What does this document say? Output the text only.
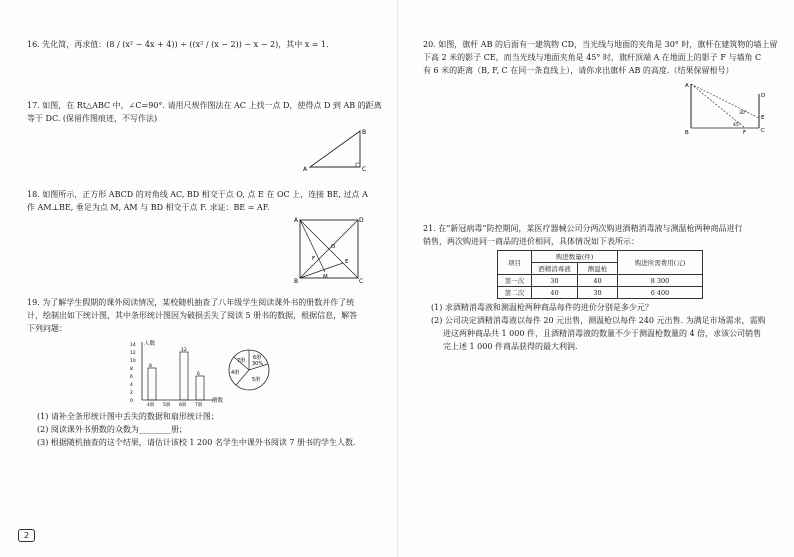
16. 先化简，再求值：(8 / (x² − 4x + 4)) ÷ ((x² / (x − 2)) − x − 2)，其中 x = 1.

17. 如图，在 Rt△ABC 中，∠C=90°. 请用尺规作图法在 AC 上找一点 D，使得点 D 到 AB 的距离

等于 DC. (保留作图痕迹，不写作法)

B
A	C

18. 如图所示，正方形 ABCD 的对角线 AC, BD 相交于点 O, 点 E 在 OC 上，连接 BE, 过点 A

作 AM⊥BE, 垂足为点 M, AM 与 BD 相交于点 F. 求证：BE = AF.

A	D
B	C
O
E
F
M

19. 为了解学生假期的课外阅读情况，某校随机抽查了八年级学生阅读课外书的册数并作了统

计，绘制出如下统计图，其中条形统计图因为破损丢失了阅读 5 册书的数据，根据信息，解答

下列问题：

14
12
10
8
6
4
2
0
8
12
6
4册 5册 6册 7册
人数
册数
6册
30%
4册
5册
7册

(1) 请补全条形统计图中丢失的数据和扇形统计图；

(2) 阅读课外书册数的众数为________册；

(3) 根据随机抽查的这个结果，请估计该校 1 200 名学生中课外书阅读 7 册书的学生人数.

20. 如图，旗杆 AB 的后面有一建筑物 CD，当光线与地面的夹角是 30° 时，旗杆在建筑物的墙上留

下高 2 米的影子 CE，而当光线与地面夹角是 45° 时，旗杆顶端 A 在地面上的影子 F 与墙角 C

有 6 米的距离（B, F, C 在同一条直线上），请你求出旗杆 AB 的高度.（结果保留根号）

A
B	F	C
D
E
30°
45°

21. 在“新冠病毒”防控期间，某医疗器械公司分两次购进酒精消毒液与测温枪两种商品进行

销售，两次购进同一商品的进价相同，具体情况如下表所示：

项目	购进数量(件)		购进所需费用(元)
	酒精消毒液	测温枪	
第一次	30	40	8 300
第二次	40	30	6 400

(1) 求酒精消毒液和测温枪两种商品每件的进价分别是多少元？

(2) 公司决定酒精消毒液以每件 20 元出售，测温枪以每件 240 元出售. 为满足市场需求，需购

进这两种商品共 1 000 件，且酒精消毒液的数量不少于测温枪数量的 4 倍，求该公司销售

完上述 1 000 件商品获得的最大利润.

2
